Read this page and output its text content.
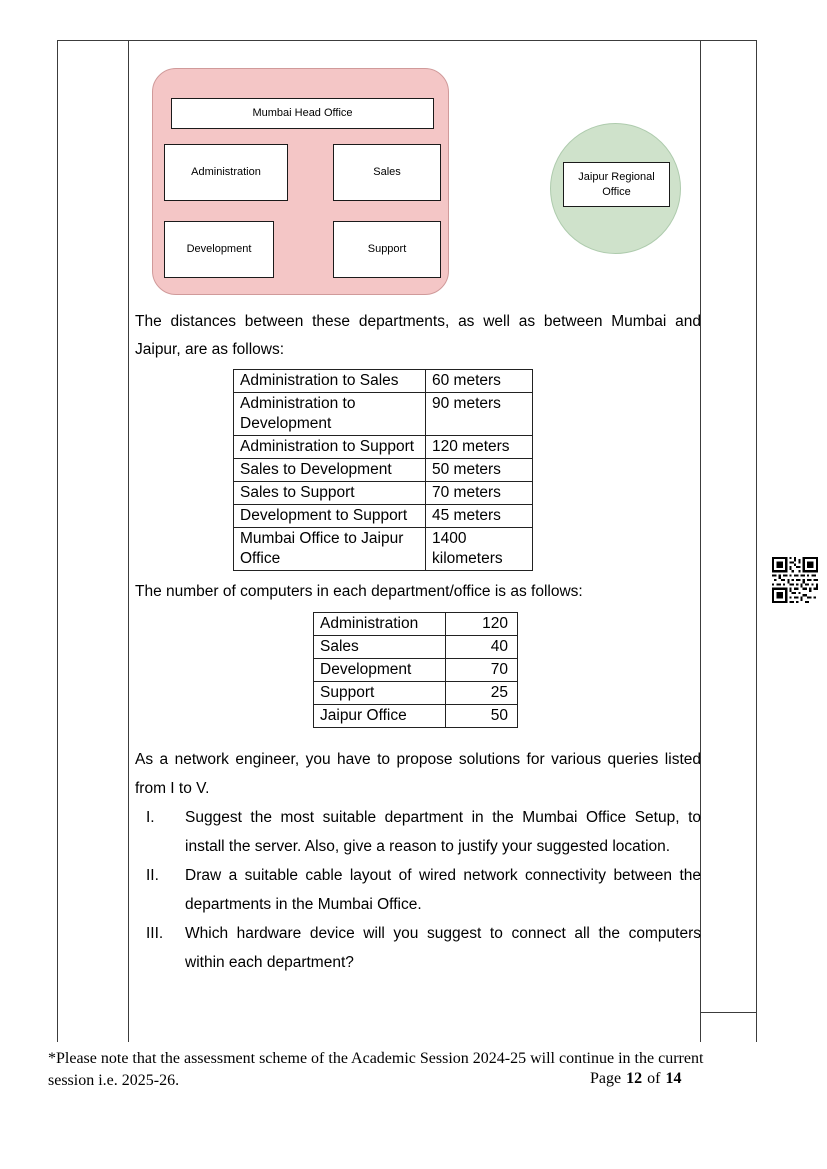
Mumbai Head Office
Administration	Sales
Development	Support
Jaipur Regional Office

The distances between these departments, as well as between Mumbai and Jaipur, are as follows:

Administration to Sales	60 meters
Administration to Development	90 meters
Administration to Support	120 meters
Sales to Development	50 meters
Sales to Support	70 meters
Development to Support	45 meters
Mumbai Office to Jaipur Office	1400 kilometers

The number of computers in each department/office is as follows:

Administration	120
Sales	40
Development	70
Support	25
Jaipur Office	50

As a network engineer, you have to propose solutions for various queries listed from I to V.

I.	Suggest the most suitable department in the Mumbai Office Setup, to install the server. Also, give a reason to justify your suggested location.
II.	Draw a suitable cable layout of wired network connectivity between the departments in the Mumbai Office.
III.	Which hardware device will you suggest to connect all the computers within each department?
*Please note that the assessment scheme of the Academic Session 2024-25 will continue in the current session i.e. 2025-26.	Page 12 of 14
